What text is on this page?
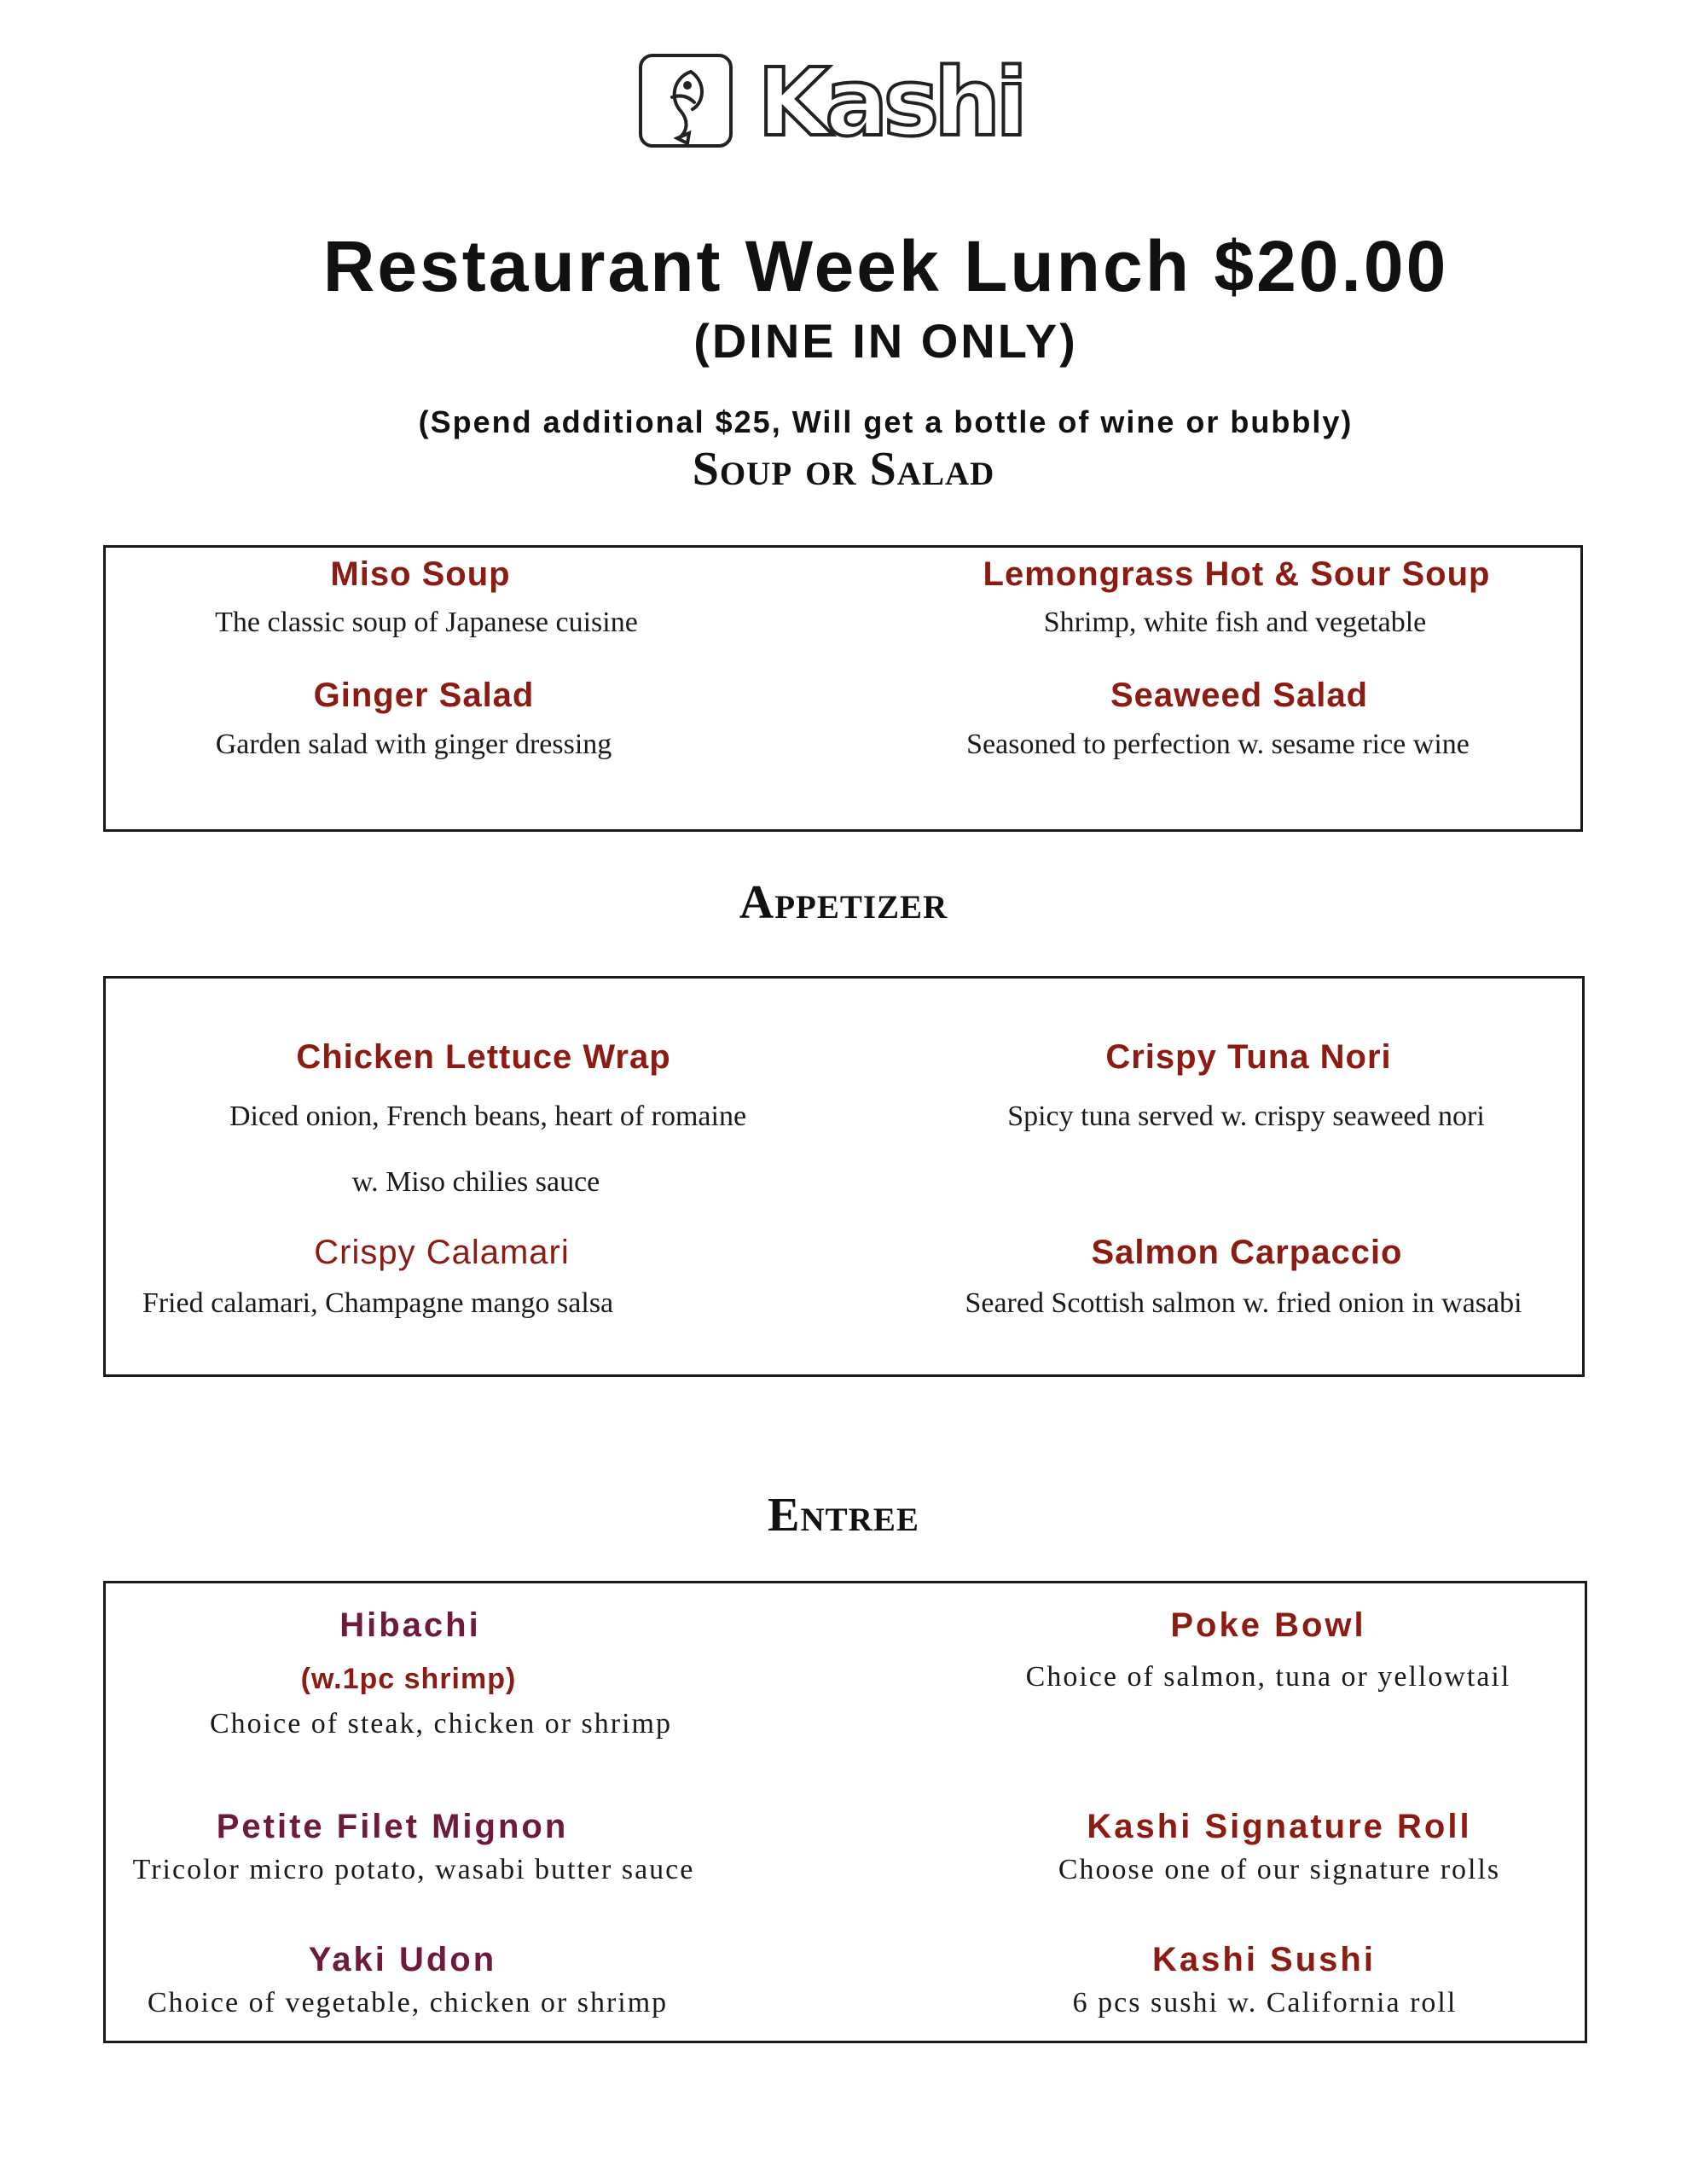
Kashi
Restaurant Week Lunch $20.00
(DINE IN ONLY)
(Spend additional $25, Will get a bottle of wine or bubbly)
Soup or Salad
Miso Soup
The classic soup of Japanese cuisine
Lemongrass Hot & Sour Soup
Shrimp, white fish and vegetable
Ginger Salad
Garden salad with ginger dressing
Seaweed Salad
Seasoned to perfection w. sesame rice wine
Appetizer
Chicken Lettuce Wrap
Diced onion, French beans, heart of romaine
w. Miso chilies sauce
Crispy Tuna Nori
Spicy tuna served w. crispy seaweed nori
Crispy Calamari
Fried calamari, Champagne mango salsa
Salmon Carpaccio
Seared Scottish salmon w. fried onion in wasabi
Entree
Hibachi
(w.1pc shrimp)
Choice of steak, chicken or shrimp
Poke Bowl
Choice of salmon, tuna or yellowtail
Petite Filet Mignon
Tricolor micro potato, wasabi butter sauce
Kashi Signature Roll
Choose one of our signature rolls
Yaki Udon
Choice of vegetable, chicken or shrimp
Kashi Sushi
6 pcs sushi w. California roll
